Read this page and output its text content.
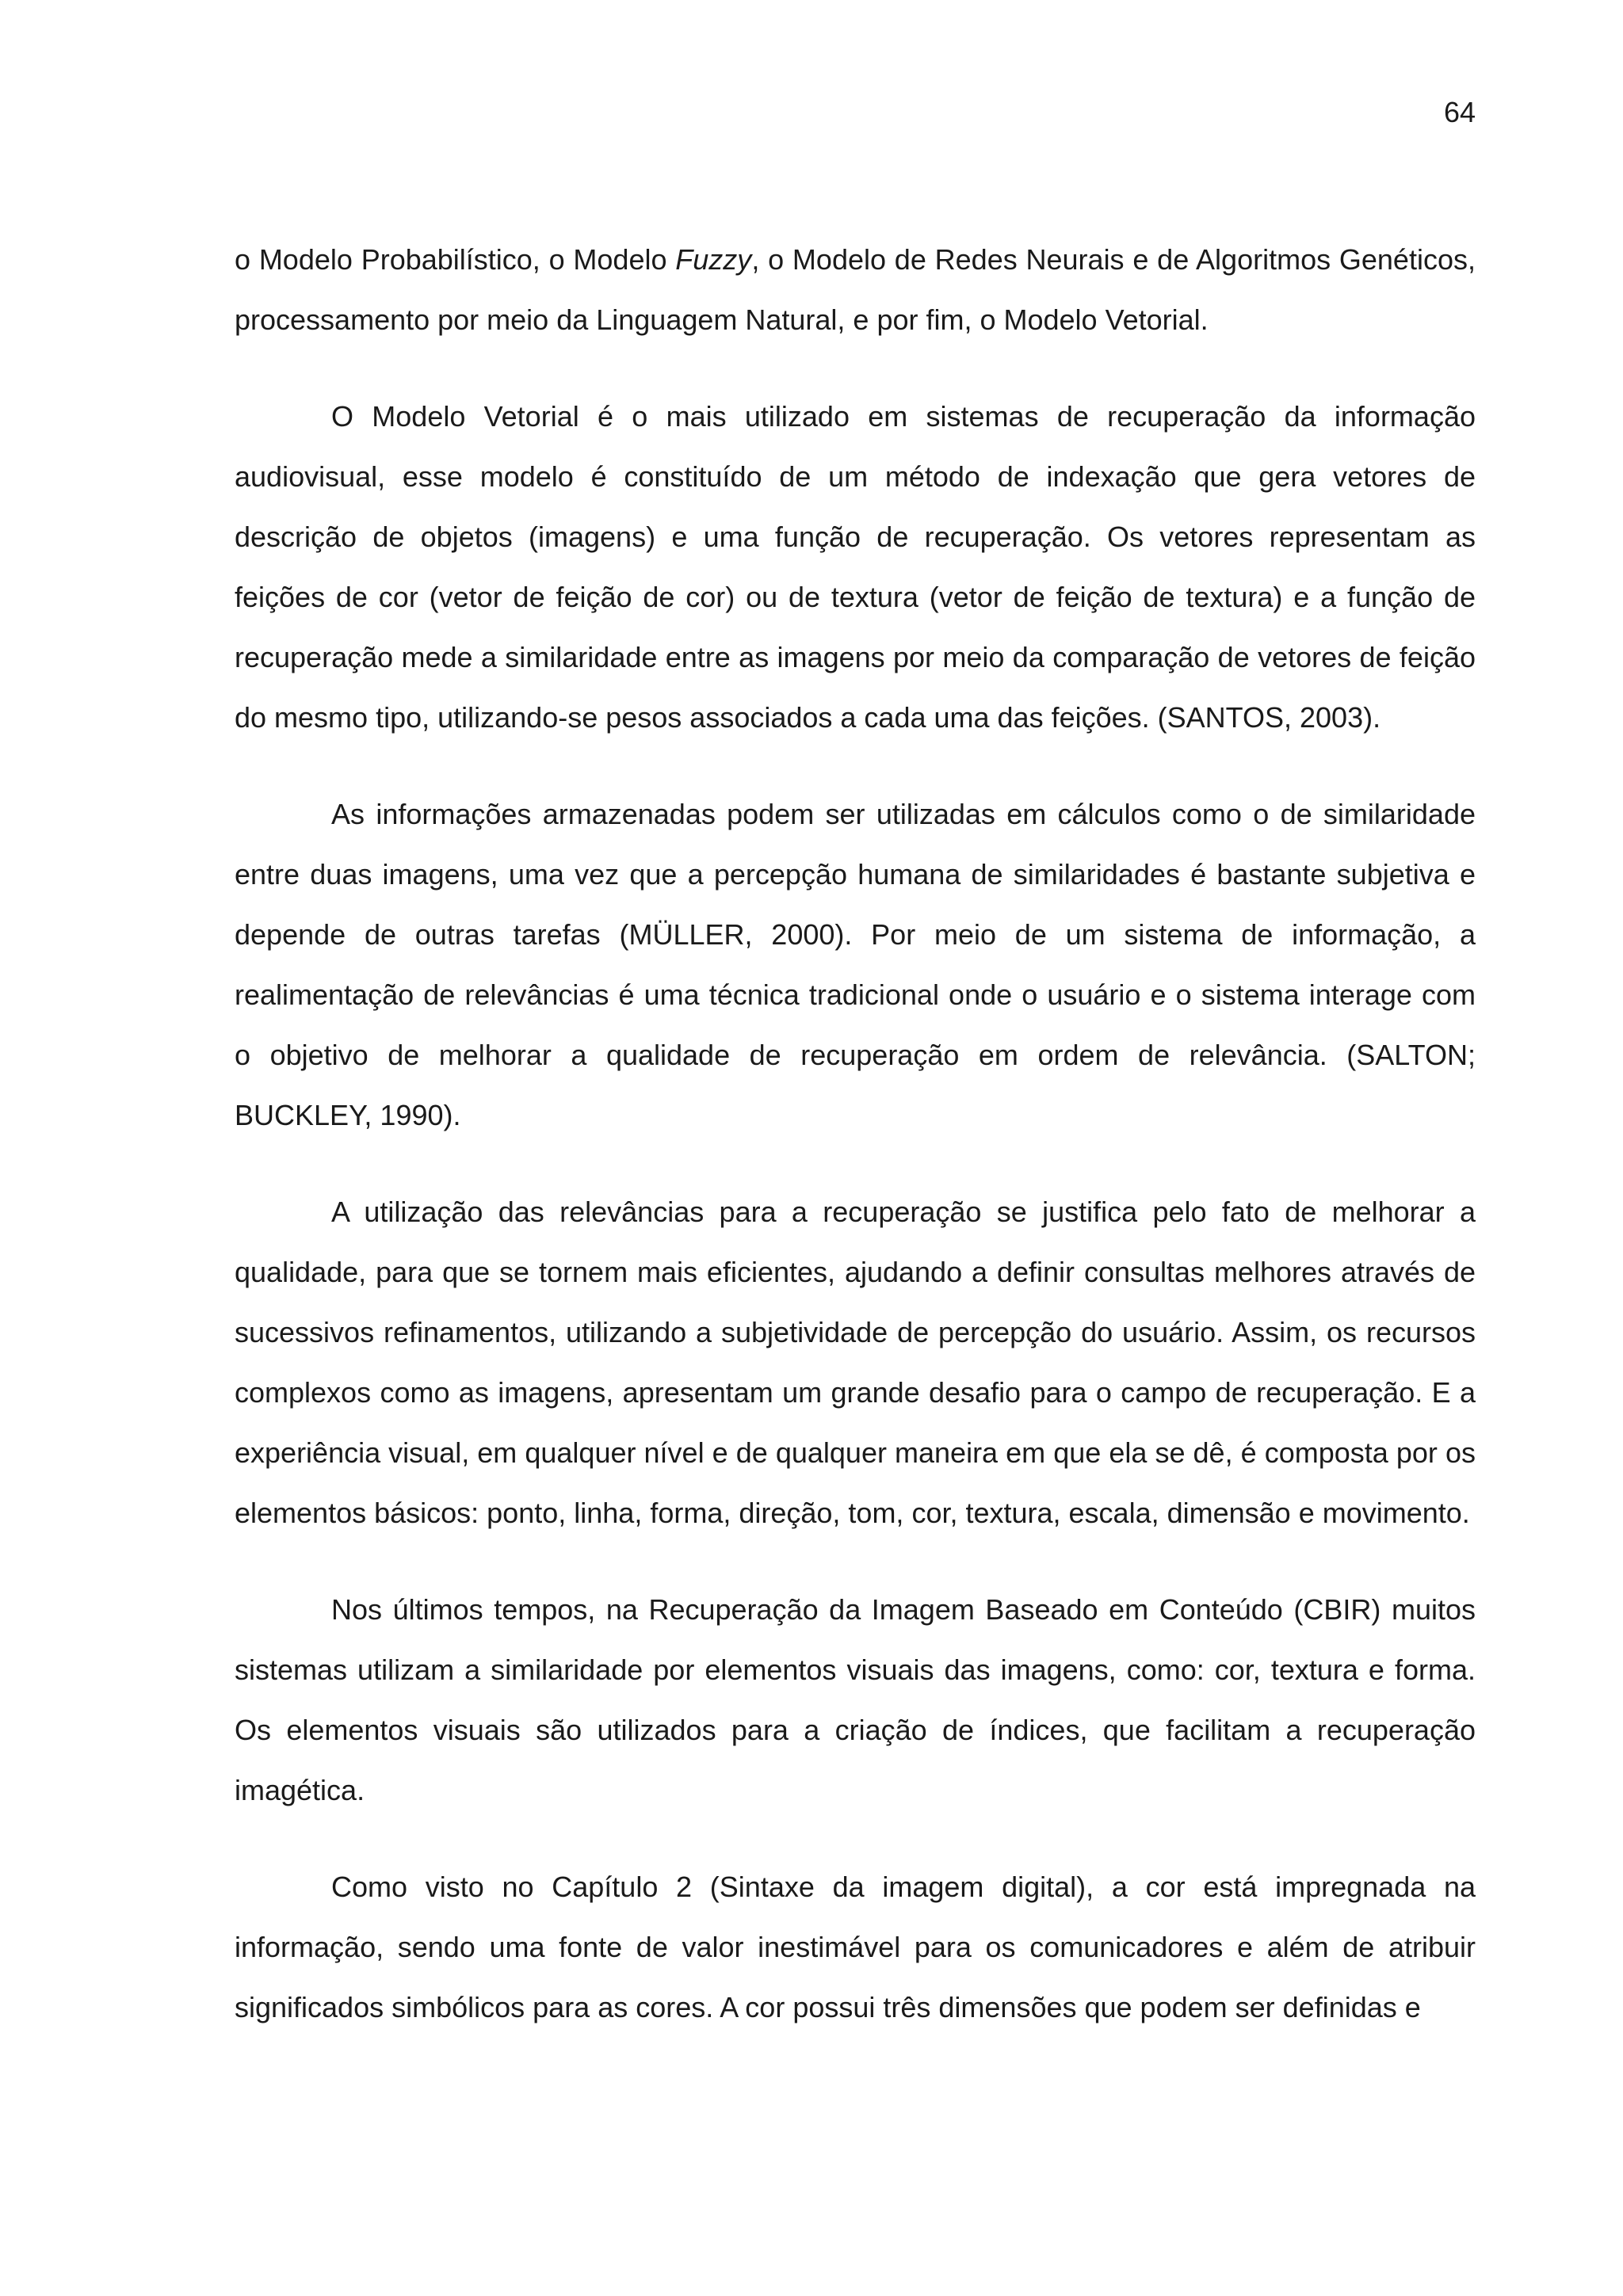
64

o Modelo Probabilístico, o Modelo Fuzzy, o Modelo de Redes Neurais e de Algoritmos Genéticos, processamento por meio da Linguagem Natural, e por fim, o Modelo Vetorial.

O Modelo Vetorial é o mais utilizado em sistemas de recuperação da informação audiovisual, esse modelo é constituído de um método de indexação que gera vetores de descrição de objetos (imagens) e uma função de recuperação. Os vetores representam as feições de cor (vetor de feição de cor) ou de textura (vetor de feição de textura) e a função de recuperação mede a similaridade entre as imagens por meio da comparação de vetores de feição do mesmo tipo, utilizando-se pesos associados a cada uma das feições. (SANTOS, 2003).

As informações armazenadas podem ser utilizadas em cálculos como o de similaridade entre duas imagens, uma vez que a percepção humana de similaridades é bastante subjetiva e depende de outras tarefas (MÜLLER, 2000). Por meio de um sistema de informação, a realimentação de relevâncias é uma técnica tradicional onde o usuário e o sistema interage com o objetivo de melhorar a qualidade de recuperação em ordem de relevância. (SALTON; BUCKLEY, 1990).

A utilização das relevâncias para a recuperação se justifica pelo fato de melhorar a qualidade, para que se tornem mais eficientes, ajudando a definir consultas melhores através de sucessivos refinamentos, utilizando a subjetividade de percepção do usuário. Assim, os recursos complexos como as imagens, apresentam um grande desafio para o campo de recuperação. E a experiência visual, em qualquer nível e de qualquer maneira em que ela se dê, é composta por os elementos básicos: ponto, linha, forma, direção, tom, cor, textura, escala, dimensão e movimento.

Nos últimos tempos, na Recuperação da Imagem Baseado em Conteúdo (CBIR) muitos sistemas utilizam a similaridade por elementos visuais das imagens, como: cor, textura e forma. Os elementos visuais são utilizados para a criação de índices, que facilitam a recuperação imagética.

Como visto no Capítulo 2 (Sintaxe da imagem digital), a cor está impregnada na informação, sendo uma fonte de valor inestimável para os comunicadores e além de atribuir significados simbólicos para as cores. A cor possui três dimensões que podem ser definidas e
